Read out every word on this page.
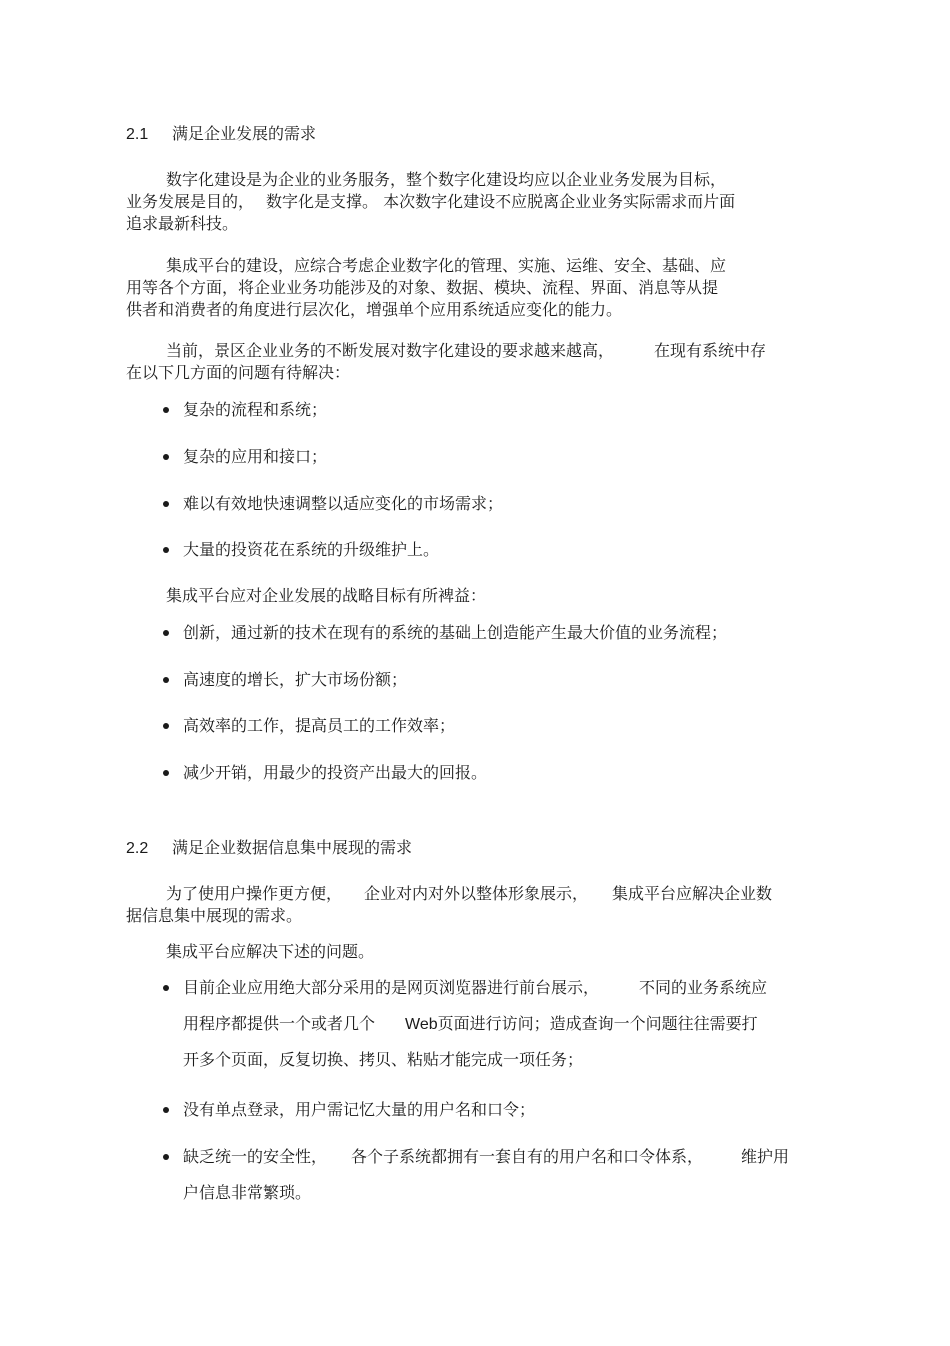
2.1 满足企业发展的需求
数字化建设是为企业的业务服务，整个数字化建设均应以企业业务发展为目标，
业务发展是目的， 数字化是支撑。 本次数字化建设不应脱离企业业务实际需求而片面
追求最新科技。
集成平台的建设，应综合考虑企业数字化的管理、实施、运维、安全、基础、应
用等各个方面，将企业业务功能涉及的对象、数据、模块、流程、界面、消息等从提
供者和消费者的角度进行层次化，增强单个应用系统适应变化的能力。
当前，景区企业业务的不断发展对数字化建设的要求越来越高，	在现有系统中存
在以下几方面的问题有待解决：
复杂的流程和系统；
复杂的应用和接口；
难以有效地快速调整以适应变化的市场需求；
大量的投资花在系统的升级维护上。
集成平台应对企业发展的战略目标有所裨益：
创新，通过新的技术在现有的系统的基础上创造能产生最大价值的业务流程；
高速度的增长，扩大市场份额；
高效率的工作，提高员工的工作效率；
减少开销，用最少的投资产出最大的回报。
2.2 满足企业数据信息集中展现的需求
为了使用户操作更方便， 企业对内对外以整体形象展示， 集成平台应解决企业数
据信息集中展现的需求。
集成平台应解决下述的问题。
目前企业应用绝大部分采用的是网页浏览器进行前台展示，	不同的业务系统应
用程序都提供一个或者几个 Web页面进行访问；造成查询一个问题往往需要打
开多个页面，反复切换、拷贝、粘贴才能完成一项任务；
没有单点登录，用户需记忆大量的用户名和口令；
缺乏统一的安全性， 各个子系统都拥有一套自有的用户名和口令体系， 维护用
户信息非常繁琐。
